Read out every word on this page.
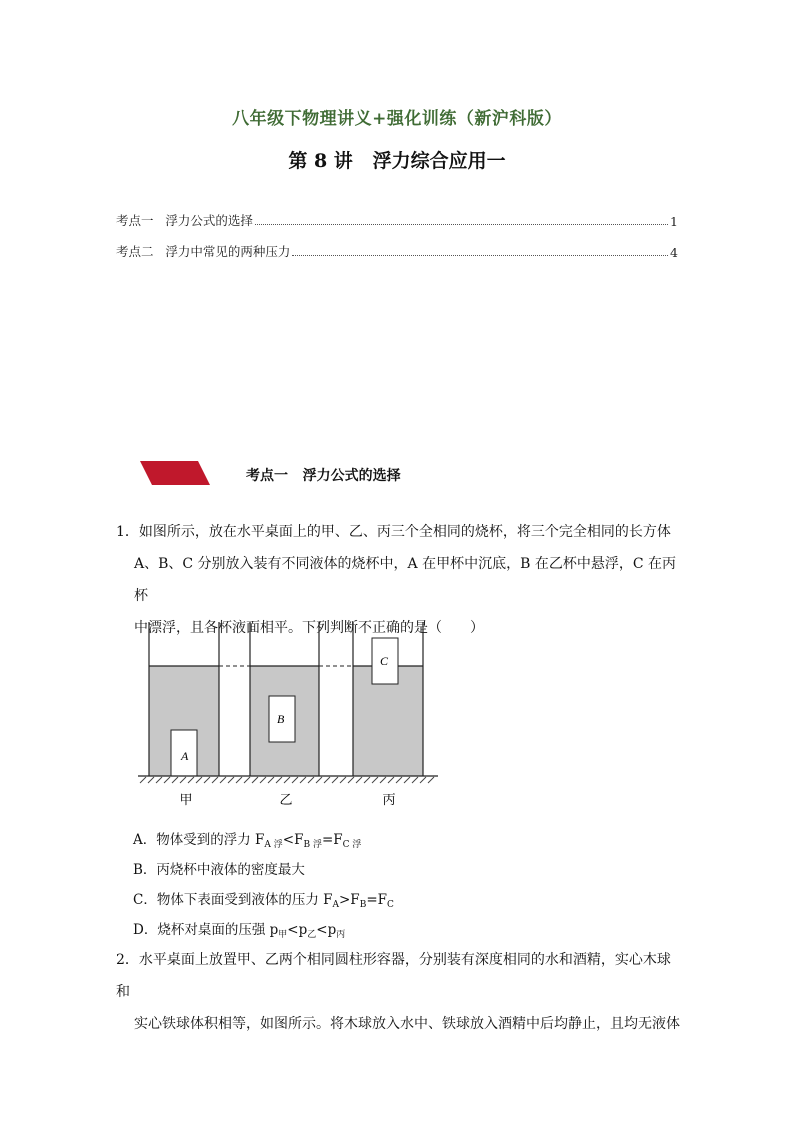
八年级下物理讲义+强化训练（新沪科版）
第 8 讲   浮力综合应用一
考点一   浮力公式的选择	1
考点二   浮力中常见的两种压力	4
考点一   浮力公式的选择

1．如图所示，放在水平桌面上的甲、乙、丙三个全相同的烧杯，将三个完全相同的长方体

A、B、C 分别放入装有不同液体的烧杯中，A 在甲杯中沉底，B 在乙杯中悬浮，C 在丙杯

中漂浮，且各杯液面相平。下列判断不正确的是（　　）

A
B
C
甲	乙	丙
A．物体受到的浮力 $F_{A 浮}<F_{B 浮}=F_{C 浮}$
B．丙烧杯中液体的密度最大
C．物体下表面受到液体的压力 $F_A>F_B=F_C$
D．烧杯对桌面的压强 $p_甲<p_乙<p_丙$

2．水平桌面上放置甲、乙两个相同圆柱形容器，分别装有深度相同的水和酒精，实心木球和

实心铁球体积相等，如图所示。将木球放入水中、铁球放入酒精中后均静止，且均无液体
